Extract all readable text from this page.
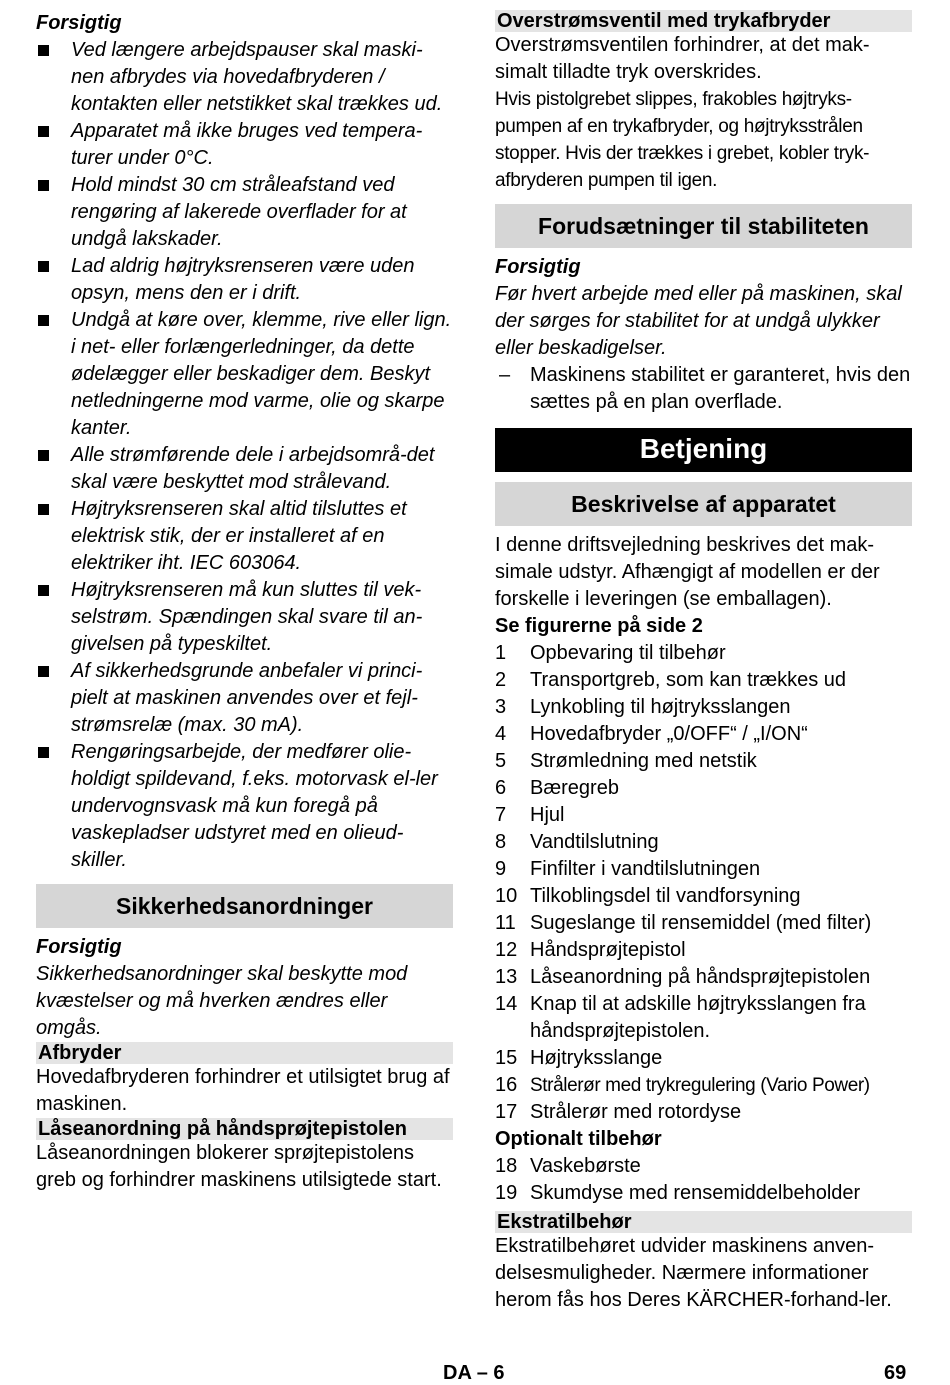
Forsigtig

Ved længere arbejdspauser skal maski-nen afbrydes via hovedafbryderen / kontakten eller netstikket skal trækkes ud.
Apparatet må ikke bruges ved tempera-turer under 0°C.
Hold mindst 30 cm stråleafstand ved rengøring af lakerede overflader for at undgå lakskader.
Lad aldrig højtryksrenseren være uden opsyn, mens den er i drift.
Undgå at køre over, klemme, rive eller lign. i net- eller forlængerledninger, da dette ødelægger eller beskadiger dem. Beskyt netledningerne mod varme, olie og skarpe kanter.
Alle strømførende dele i arbejdsområ-det skal være beskyttet mod strålevand.
Højtryksrenseren skal altid tilsluttes et elektrisk stik, der er installeret af en elektriker iht. IEC 603064.
Højtryksrenseren må kun sluttes til vek-selstrøm. Spændingen skal svare til an-givelsen på typeskiltet.
Af sikkerhedsgrunde anbefaler vi princi-pielt at maskinen anvendes over et fejl-strømsrelæ (max. 30 mA).
Rengøringsarbejde, der medfører olie-holdigt spildevand, f.eks. motorvask el-ler undervognsvask må kun foregå på vaskepladser udstyret med en olieud-skiller.
Sikkerhedsanordninger

Forsigtig

Sikkerhedsanordninger skal beskytte mod kvæstelser og må hverken ændres eller omgås.

Afbryder

Hovedafbryderen forhindrer et utilsigtet brug af maskinen.

Låseanordning på håndsprøjtepistolen

Låseanordningen blokerer sprøjtepistolens greb og forhindrer maskinens utilsigtede start.

Overstrømsventil med trykafbryder

Overstrømsventilen forhindrer, at det mak-simalt tilladte tryk overskrides.

Hvis pistolgrebet slippes, frakobles højtryks-pumpen af en trykafbryder, og højtryksstrålen stopper. Hvis der trækkes i grebet, kobler tryk-afbryderen pumpen til igen.

Forudsætninger til stabiliteten

Forsigtig

Før hvert arbejde med eller på maskinen, skal der sørges for stabilitet for at undgå ulykker eller beskadigelser.

– Maskinens stabilitet er garanteret, hvis den sættes på en plan overflade.
Betjening
Beskrivelse af apparatet

I denne driftsvejledning beskrives det mak-simale udstyr. Afhængigt af modellen er der forskelle i leveringen (se emballagen).

Se figurerne på side 2

1 Opbevaring til tilbehør
2 Transportgreb, som kan trækkes ud
3 Lynkobling til højtryksslangen
4 Hovedafbryder „0/OFF“ / „I/ON“
5 Strømledning med netstik
6 Bæregreb
7 Hjul
8 Vandtilslutning
9 Finfilter i vandtilslutningen
10 Tilkoblingsdel til vandforsyning
11 Sugeslange til rensemiddel (med filter)
12 Håndsprøjtepistol
13 Låseanordning på håndsprøjtepistolen
14 Knap til at adskille højtryksslangen fra håndsprøjtepistolen.
15 Højtryksslange
16 Strålerør med trykregulering (Vario Power)
17 Strålerør med rotordyse

Optionalt tilbehør

18 Vaskebørste
19 Skumdyse med rensemiddelbeholder
Ekstratilbehør

Ekstratilbehøret udvider maskinens anven-delsesmuligheder. Nærmere informationer herom fås hos Deres KÄRCHER-forhand-ler.

DA – 6	69
